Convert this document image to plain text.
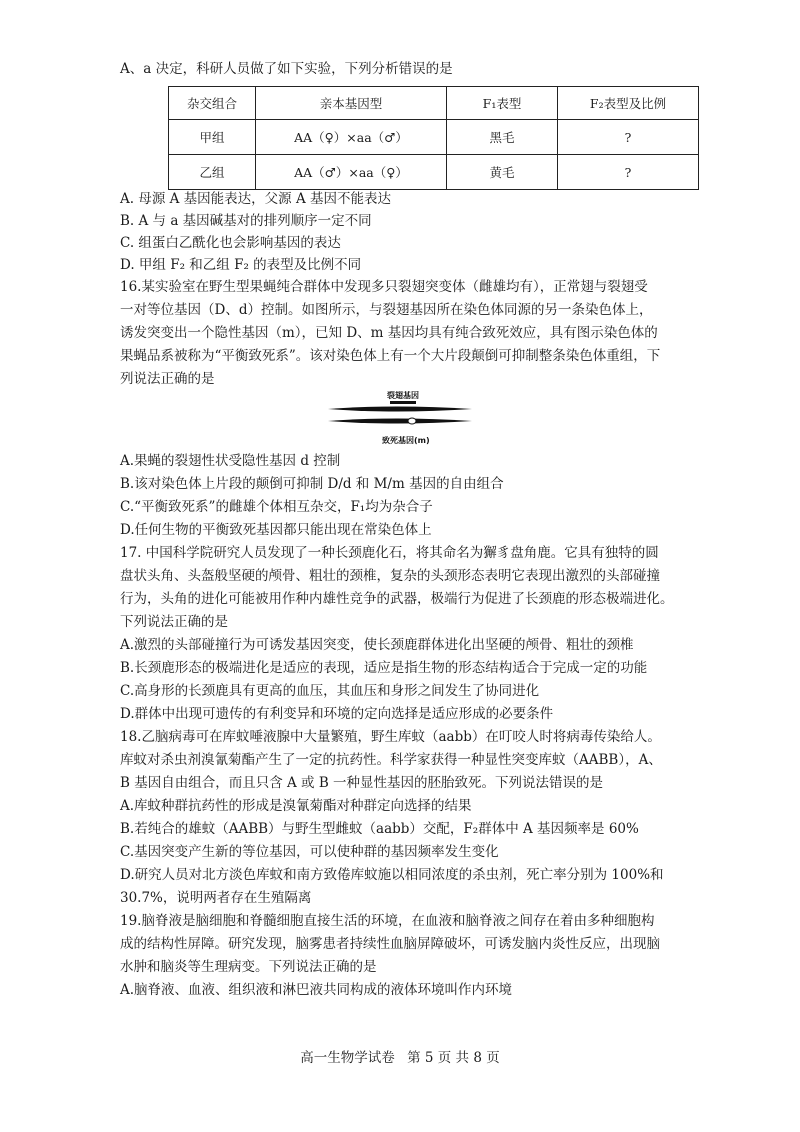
A、a 决定，科研人员做了如下实验，下列分析错误的是

杂交组合	亲本基因型	F₁表型	F₂表型及比例
甲组	AA（♀）×aa（♂）	黑毛	?
乙组	AA（♂）×aa（♀）	黄毛	?

A. 母源 A 基因能表达，父源 A 基因不能表达

B. A 与 a 基因碱基对的排列顺序一定不同

C. 组蛋白乙酰化也会影响基因的表达

D. 甲组 F₂ 和乙组 F₂ 的表型及比例不同

16.某实验室在野生型果蝇纯合群体中发现多只裂翅突变体（雌雄均有），正常翅与裂翅受

一对等位基因（D、d）控制。如图所示，与裂翅基因所在染色体同源的另一条染色体上，

诱发突变出一个隐性基因（m），已知 D、m 基因均具有纯合致死效应，具有图示染色体的

果蝇品系被称为“平衡致死系”。该对染色体上有一个大片段颠倒可抑制整条染色体重组，下

列说法正确的是

裂翅基因
致死基因(m)

A.果蝇的裂翅性状受隐性基因 d 控制

B.该对染色体上片段的颠倒可抑制 D/d 和 M/m 基因的自由组合

C.“平衡致死系”的雌雄个体相互杂交，F₁均为杂合子

D.任何生物的平衡致死基因都只能出现在常染色体上

17. 中国科学院研究人员发现了一种长颈鹿化石，将其命名为獬豸盘角鹿。它具有独特的圆

盘状头角、头盔般坚硬的颅骨、粗壮的颈椎，复杂的头颈形态表明它表现出激烈的头部碰撞

行为，头角的进化可能被用作种内雄性竞争的武器，极端行为促进了长颈鹿的形态极端进化。

下列说法正确的是

A.激烈的头部碰撞行为可诱发基因突变，使长颈鹿群体进化出坚硬的颅骨、粗壮的颈椎

B.长颈鹿形态的极端进化是适应的表现，适应是指生物的形态结构适合于完成一定的功能

C.高身形的长颈鹿具有更高的血压，其血压和身形之间发生了协同进化

D.群体中出现可遗传的有利变异和环境的定向选择是适应形成的必要条件

18.乙脑病毒可在库蚊唾液腺中大量繁殖，野生库蚊（aabb）在叮咬人时将病毒传染给人。

库蚊对杀虫剂溴氰菊酯产生了一定的抗药性。科学家获得一种显性突变库蚊（AABB），A、

B 基因自由组合，而且只含 A 或 B 一种显性基因的胚胎致死。下列说法错误的是

A.库蚊种群抗药性的形成是溴氰菊酯对种群定向选择的结果

B.若纯合的雄蚊（AABB）与野生型雌蚊（aabb）交配，F₂群体中 A 基因频率是 60%

C.基因突变产生新的等位基因，可以使种群的基因频率发生变化

D.研究人员对北方淡色库蚊和南方致倦库蚊施以相同浓度的杀虫剂，死亡率分别为 100%和

30.7%，说明两者存在生殖隔离

19.脑脊液是脑细胞和脊髓细胞直接生活的环境，在血液和脑脊液之间存在着由多种细胞构

成的结构性屏障。研究发现，脑雾患者持续性血脑屏障破坏，可诱发脑内炎性反应，出现脑

水肿和脑炎等生理病变。下列说法正确的是

A.脑脊液、血液、组织液和淋巴液共同构成的液体环境叫作内环境

高一生物学试卷 第 5 页 共 8 页
